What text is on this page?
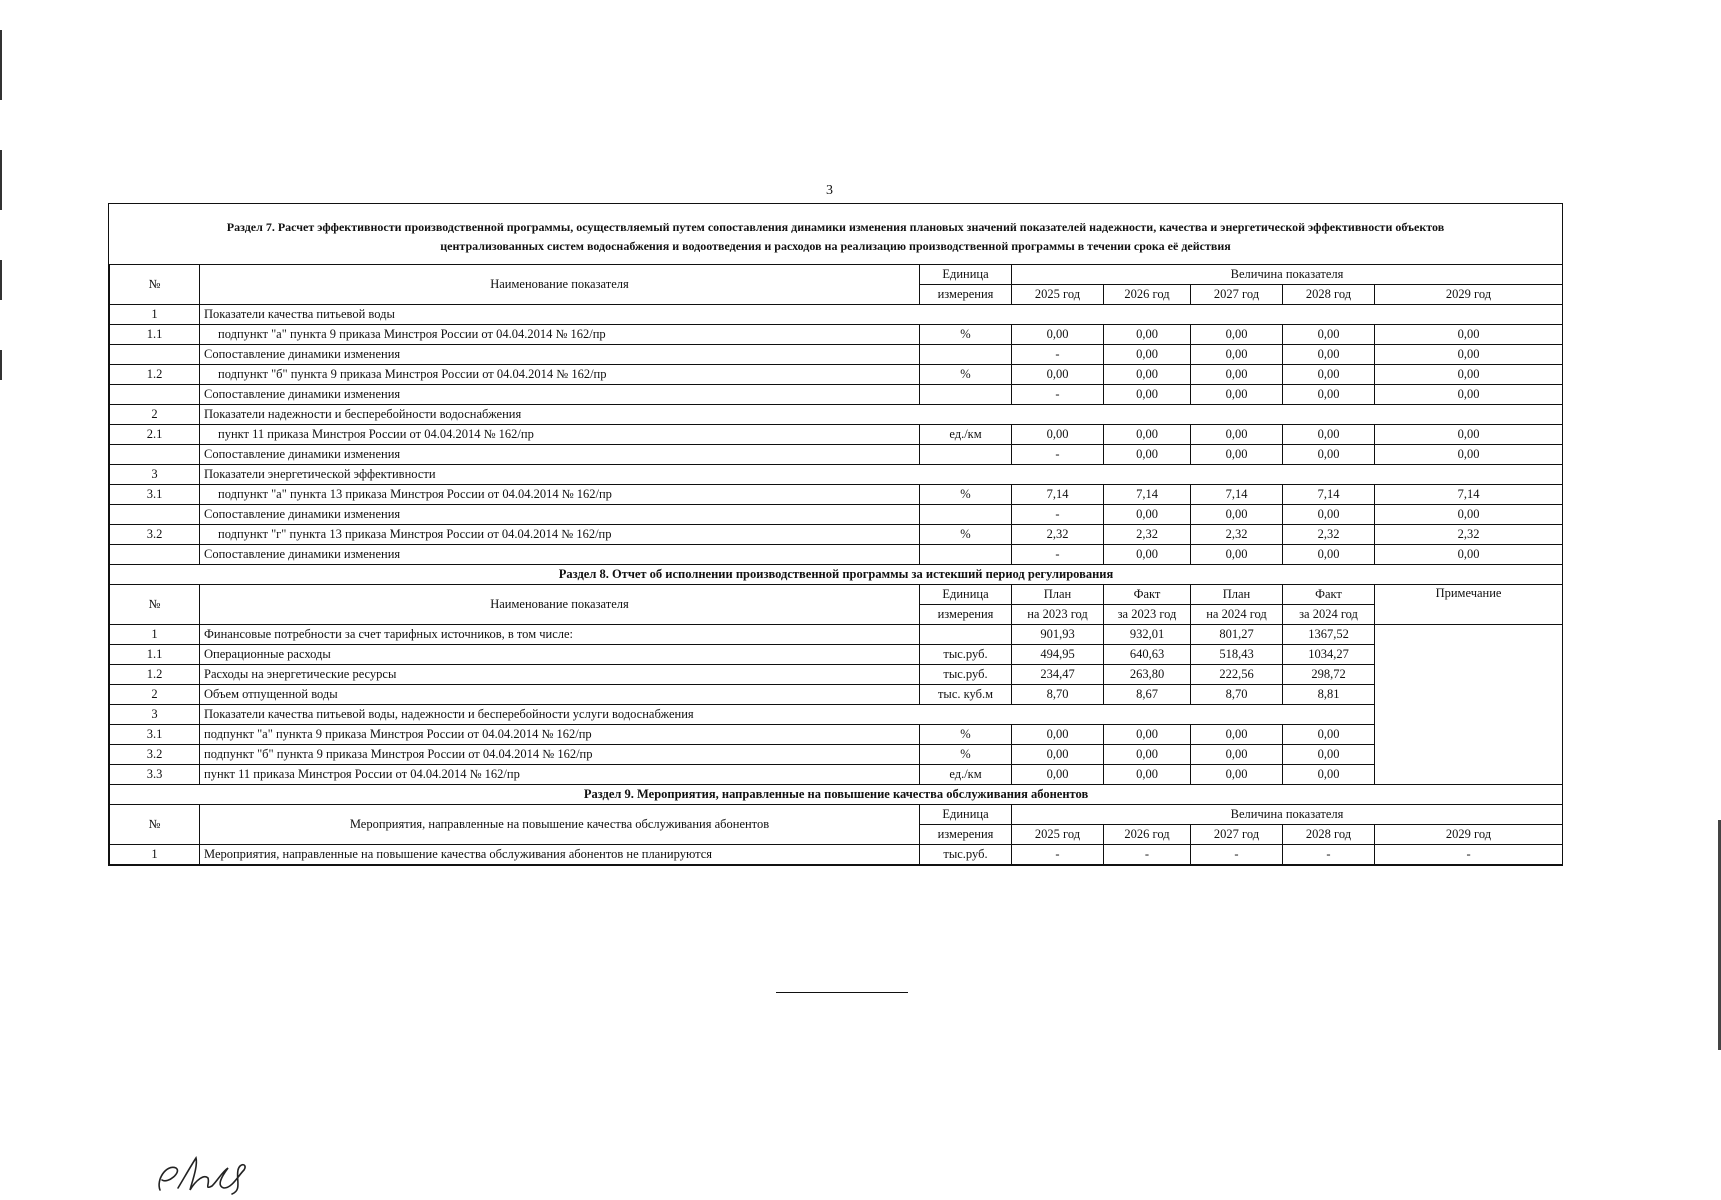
3
Раздел 7. Расчет эффективности производственной программы, осуществляемый путем сопоставления динамики изменения плановых значений показателей надежности, качества и энергетической эффективности объектов
централизованных систем водоснабжения и водоотведения и расходов на реализацию производственной программы в течении срока её действия
№	Наименование показателя	Единица	Величина показателя				
		измерения	2025 год	2026 год	2027 год	2028 год	2029 год
1	Показатели качества питьевой воды						
1.1	подпункт "а" пункта 9 приказа Минстроя России от 04.04.2014 № 162/пр	%	0,00	0,00	0,00	0,00	0,00
	Сопоставление динамики изменения		-	0,00	0,00	0,00	0,00
1.2	подпункт "б" пункта 9 приказа Минстроя России от 04.04.2014 № 162/пр	%	0,00	0,00	0,00	0,00	0,00
	Сопоставление динамики изменения		-	0,00	0,00	0,00	0,00
2	Показатели надежности и бесперебойности водоснабжения						
2.1	пункт 11 приказа Минстроя России от 04.04.2014 № 162/пр	ед./км	0,00	0,00	0,00	0,00	0,00
	Сопоставление динамики изменения		-	0,00	0,00	0,00	0,00
3	Показатели энергетической эффективности						
3.1	подпункт "а" пункта 13 приказа Минстроя России от 04.04.2014 № 162/пр	%	7,14	7,14	7,14	7,14	7,14
	Сопоставление динамики изменения		-	0,00	0,00	0,00	0,00
3.2	подпункт "г" пункта 13 приказа Минстроя России от 04.04.2014 № 162/пр	%	2,32	2,32	2,32	2,32	2,32
	Сопоставление динамики изменения		-	0,00	0,00	0,00	0,00
Раздел 8. Отчет об исполнении производственной программы за истекший период регулирования							
№	Наименование показателя	Единица	План	Факт	План	Факт	Примечание
		измерения	на 2023 год	за 2023 год	на 2024 год	за 2024 год	
1	Финансовые потребности за счет тарифных источников, в том числе:		901,93	932,01	801,27	1367,52	
1.1	Операционные расходы	тыс.руб.	494,95	640,63	518,43	1034,27	
1.2	Расходы на энергетические ресурсы	тыс.руб.	234,47	263,80	222,56	298,72	
2	Объем отпущенной воды	тыс. куб.м	8,70	8,67	8,70	8,81	
3	Показатели качества питьевой воды, надежности и бесперебойности услуги водоснабжения						
3.1	подпункт "а" пункта 9 приказа Минстроя России от 04.04.2014 № 162/пр	%	0,00	0,00	0,00	0,00	
3.2	подпункт "б" пункта 9 приказа Минстроя России от 04.04.2014 № 162/пр	%	0,00	0,00	0,00	0,00	
3.3	пункт 11 приказа Минстроя России от 04.04.2014 № 162/пр	ед./км	0,00	0,00	0,00	0,00	
Раздел 9. Мероприятия, направленные на повышение качества обслуживания абонентов							
№	Мероприятия, направленные на повышение качества обслуживания абонентов	Единица	Величина показателя				
		измерения	2025 год	2026 год	2027 год	2028 год	2029 год
1	Мероприятия, направленные на повышение качества обслуживания абонентов не планируются	тыс.руб.	-	-	-	-	-
